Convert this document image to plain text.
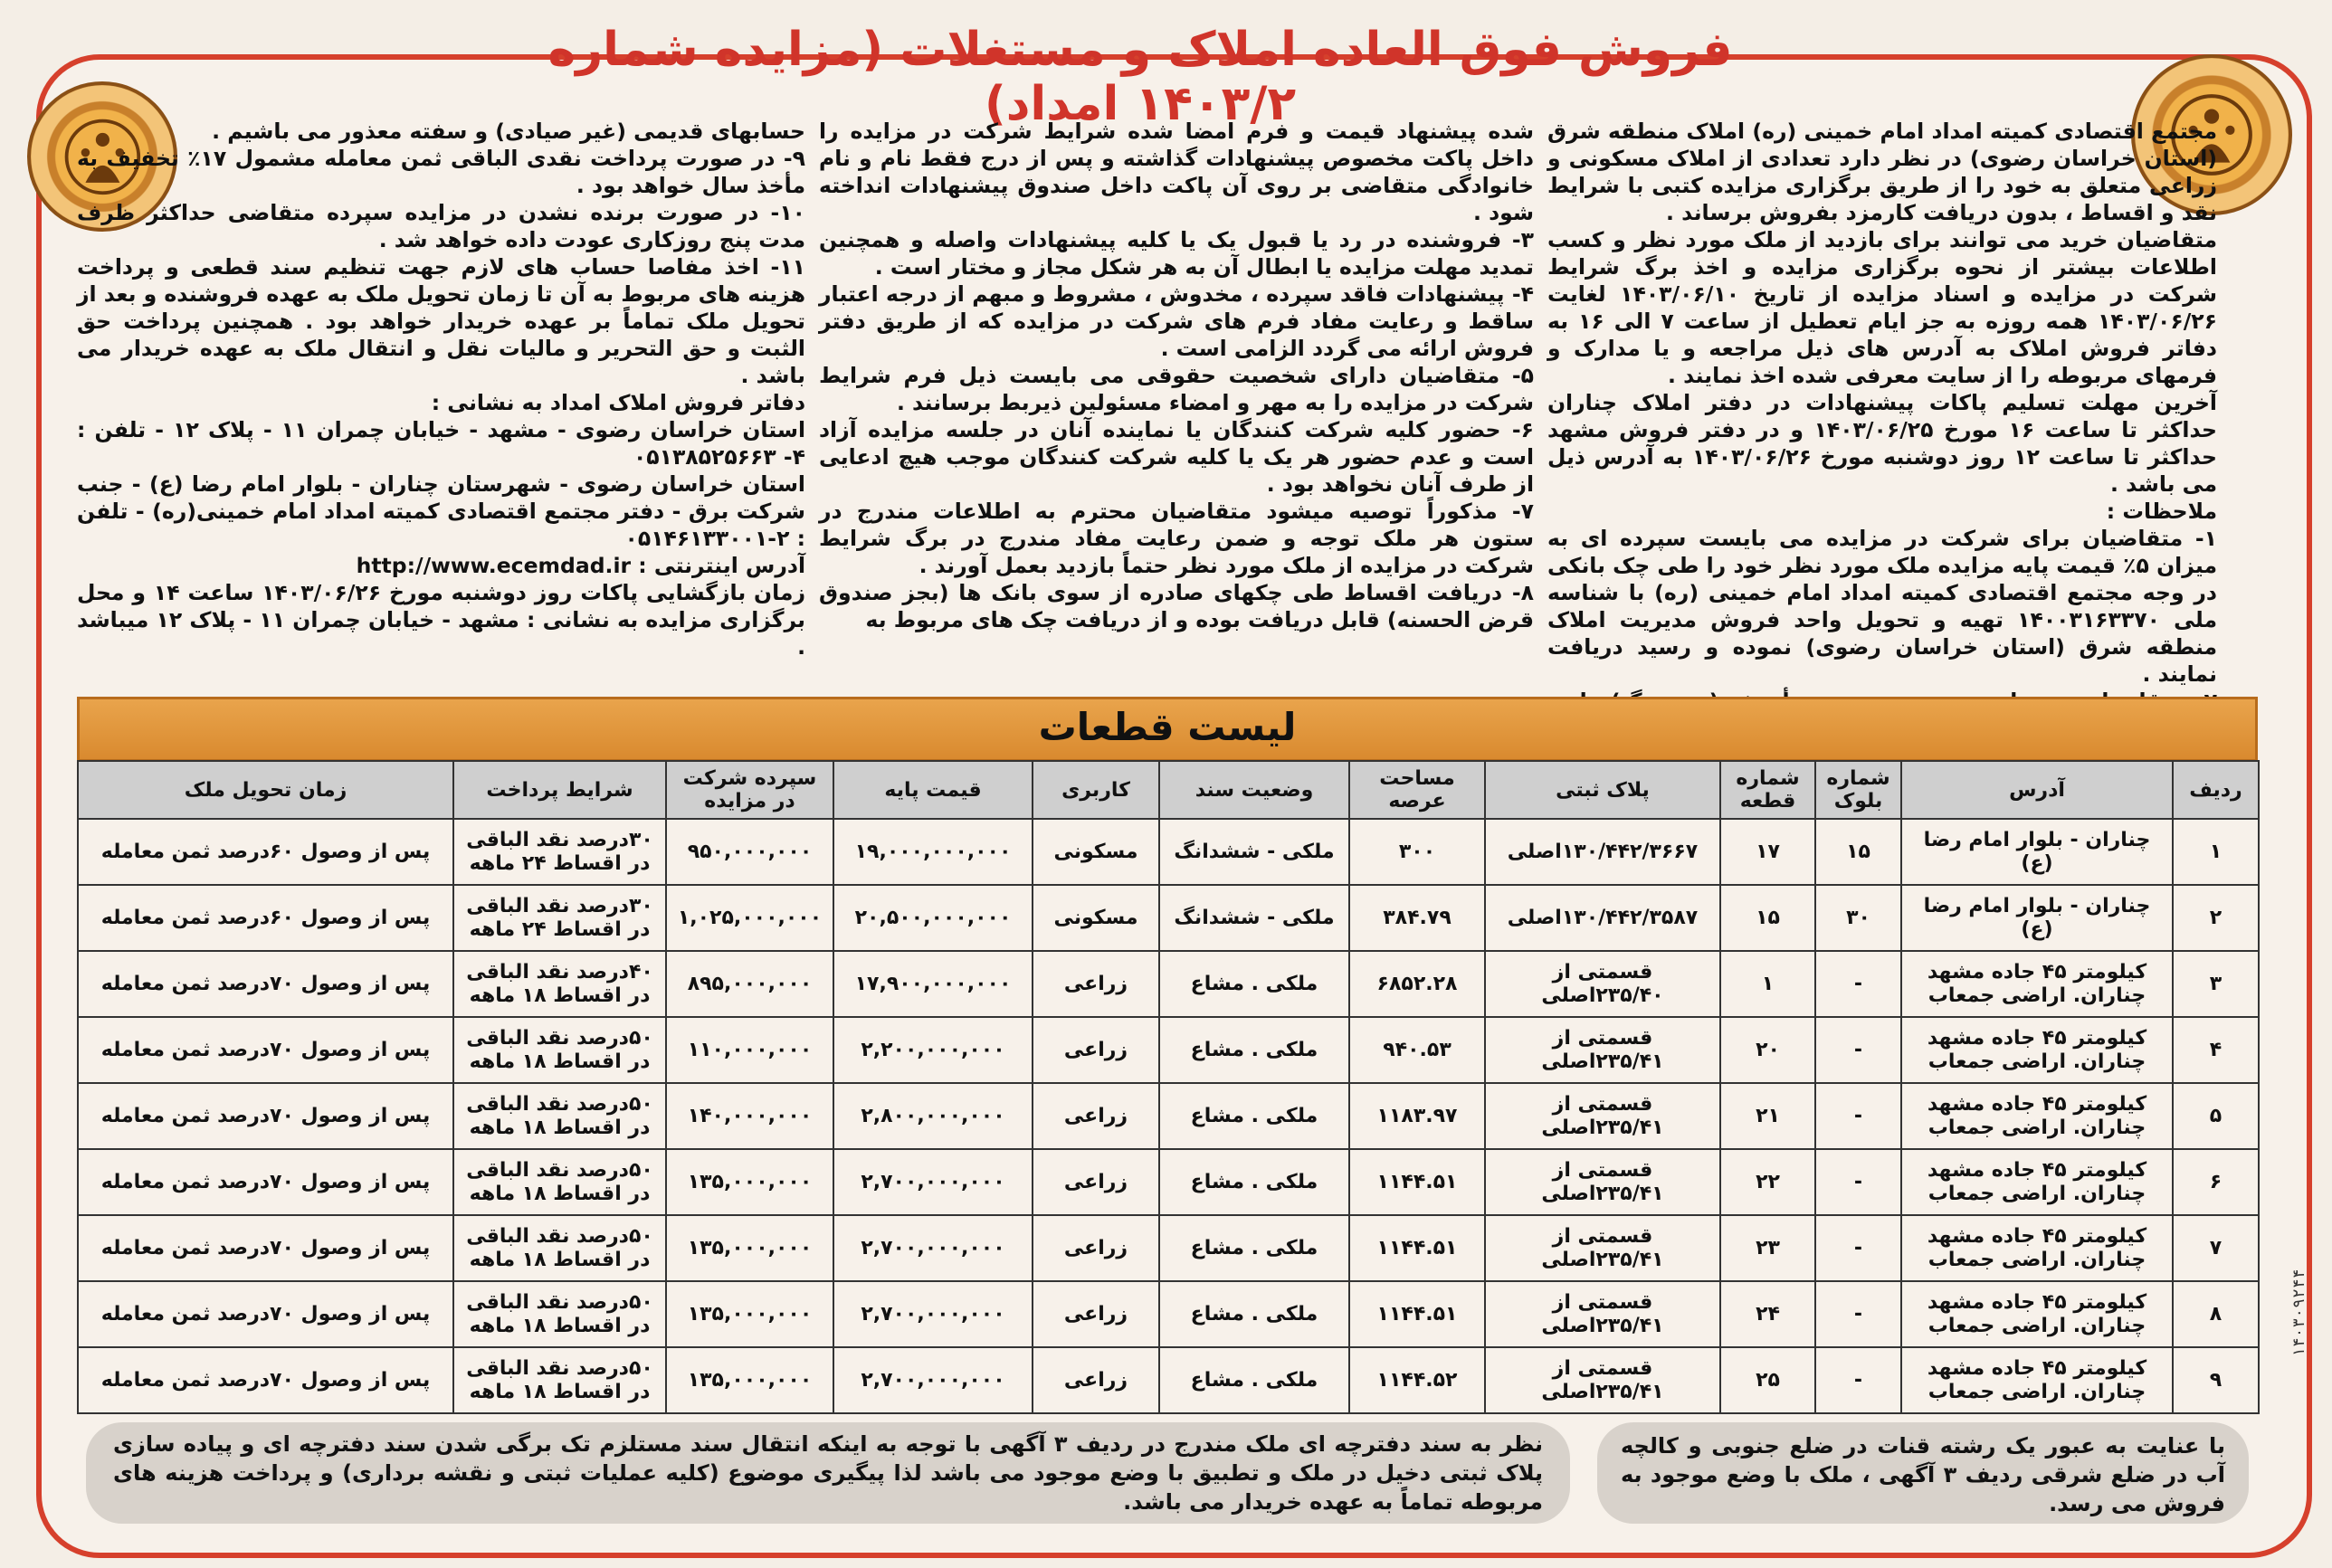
فروش فوق العاده املاک و مستغلات (مزایده شماره ۱۴۰۳/۲ امداد)	مجتمع اقتصادی کمیته امداد امام خمینی (ره) املاک منطقه شرق (استان خراسان رضوی) در نظر دارد تعدادی از املاک مسکونی و زراعی متعلق به خود را از طریق برگزاری مزایده کتبی با شرایط نقد و اقساط ، بدون دریافت کارمزد بفروش برساند .

متقاضیان خرید می توانند برای بازدید از ملک مورد نظر و کسب اطلاعات بیشتر از نحوه برگزاری مزایده و اخذ برگ شرایط شرکت در مزایده و اسناد مزایده از تاریخ ۱۴۰۳/۰۶/۱۰ لغایت ۱۴۰۳/۰۶/۲۶ همه روزه به جز ایام تعطیل از ساعت ۷ الی ۱۶ به دفاتر فروش املاک به آدرس های ذیل مراجعه و یا مدارک و فرمهای مربوطه را از سایت معرفی شده اخذ نمایند .

آخرین مهلت تسلیم پاکات پیشنهادات در دفتر املاک چناران حداکثر تا ساعت ۱۶ مورخ ۱۴۰۳/۰۶/۲۵ و در دفتر فروش مشهد حداکثر تا ساعت ۱۲ روز دوشنبه مورخ ۱۴۰۳/۰۶/۲۶ به آدرس ذیل می باشد .

ملاحظات :

۱- متقاضیان برای شرکت در مزایده می بایست سپرده ای به میزان ۵٪ قیمت پایه مزایده ملک مورد نظر خود را طی چک بانکی در وجه مجتمع اقتصادی کمیته امداد امام خمینی (ره) با شناسه ملی ۱۴۰۰۳۱۶۳۳۷۰ تهیه و تحویل واحد فروش مدیریت املاک منطقه شرق (استان خراسان رضوی) نموده و رسید دریافت نمایند .

شده پیشنهاد قیمت و فرم امضا شده شرایط شرکت در مزایده را داخل پاکت مخصوص پیشنهادات گذاشته و پس از درج فقط نام و نام خانوادگی متقاضی بر روی آن پاکت داخل صندوق پیشنهادات انداخته شود .

۳- فروشنده در رد یا قبول یک یا کلیه پیشنهادات واصله و همچنین تمدید مهلت مزایده یا ابطال آن به هر شکل مجاز و مختار است .

۴- پیشنهادات فاقد سپرده ، مخدوش ، مشروط و مبهم از درجه اعتبار ساقط و رعایت مفاد فرم های شرکت در مزایده که از طریق دفتر فروش ارائه می گردد الزامی است .

۵- متقاضیان دارای شخصیت حقوقی می بایست ذیل فرم شرایط شرکت در مزایده را به مهر و امضاء مسئولین ذیربط برسانند .

۶- حضور کلیه شرکت کنندگان یا نماینده آنان در جلسه مزایده آزاد است و عدم حضور هر یک یا کلیه شرکت کنندگان موجب هیچ ادعایی از طرف آنان نخواهد بود .

۷- مذکوراً توصیه میشود متقاضیان محترم به اطلاعات مندرج در ستون هر ملک توجه و ضمن رعایت مفاد مندرج در برگ شرایط شرکت در مزایده از ملک مورد نظر حتماً بازدید بعمل آورند .

۸- دریافت اقساط طی چکهای صادره از سوی بانک ها (بجز صندوق قرض الحسنه) قابل دریافت بوده و از دریافت چک های مربوط به

حسابهای قدیمی (غیر صیادی) و سفته معذور می باشیم .

۹- در صورت پرداخت نقدی الباقی ثمن معامله مشمول ۱۷٪ تخفیف به مأخذ سال خواهد بود .

۱۰- در صورت برنده نشدن در مزایده سپرده متقاضی حداکثر ظرف مدت پنج روزکاری عودت داده خواهد شد .

۱۱- اخذ مفاصا حساب های لازم جهت تنظیم سند قطعی و پرداخت هزینه های مربوط به آن تا زمان تحویل ملک به عهده فروشنده و بعد از تحویل ملک تماماً بر عهده خریدار خواهد بود . همچنین پرداخت حق الثبت و حق التحریر و مالیات نقل و انتقال ملک به عهده خریدار می باشد .

دفاتر فروش املاک امداد به نشانی :

استان خراسان رضوی - مشهد - خیابان چمران ۱۱ - پلاک ۱۲ - تلفن : ۴- ۰۵۱۳۸۵۲۵۶۶۳

استان خراسان رضوی - شهرستان چناران - بلوار امام رضا (ع) - جنب شرکت برق - دفتر مجتمع اقتصادی کمیته امداد امام خمینی(ره) - تلفن : ۲-۰۵۱۴۶۱۳۳۰۰۱

آدرس اینترنتی : http://www.ecemdad.ir

زمان بازگشایی پاکات روز دوشنبه مورخ ۱۴۰۳/۰۶/۲۶ ساعت ۱۴ و محل برگزاری مزایده به نشانی : مشهد - خیابان چمران ۱۱ - پلاک ۱۲ میباشد .

لیست قطعات
ردیف	آدرس	شماره بلوک	شماره قطعه	پلاک ثبتی	مساحت عرصه	وضعیت سند	کاربری	قیمت پایه	سپرده شرکت در مزایده	شرایط پرداخت	زمان تحویل ملک
۱	چناران - بلوار امام رضا (ع)	۱۵	۱۷	۱۳۰/۴۴۲/۳۶۶۷اصلی	۳۰۰	ملکی - ششدانگ	مسکونی	۱۹,۰۰۰,۰۰۰,۰۰۰	۹۵۰,۰۰۰,۰۰۰	۳۰درصد نقد الباقی در اقساط ۲۴ ماهه	پس از وصول ۶۰درصد ثمن معامله
۲	چناران - بلوار امام رضا (ع)	۳۰	۱۵	۱۳۰/۴۴۲/۳۵۸۷اصلی	۳۸۴.۷۹	ملکی - ششدانگ	مسکونی	۲۰,۵۰۰,۰۰۰,۰۰۰	۱,۰۲۵,۰۰۰,۰۰۰	۳۰درصد نقد الباقی در اقساط ۲۴ ماهه	پس از وصول ۶۰درصد ثمن معامله
۳	کیلومتر ۴۵ جاده مشهد چناران. اراضی جمعاب	-	۱	قسمتی از ۲۳۵/۴۰اصلی	۶۸۵۲.۲۸	ملکی . مشاع	زراعی	۱۷,۹۰۰,۰۰۰,۰۰۰	۸۹۵,۰۰۰,۰۰۰	۴۰درصد نقد الباقی در اقساط ۱۸ ماهه	پس از وصول ۷۰درصد ثمن معامله
۴	کیلومتر ۴۵ جاده مشهد چناران. اراضی جمعاب	-	۲۰	قسمتی از ۲۳۵/۴۱اصلی	۹۴۰.۵۳	ملکی . مشاع	زراعی	۲,۲۰۰,۰۰۰,۰۰۰	۱۱۰,۰۰۰,۰۰۰	۵۰درصد نقد الباقی در اقساط ۱۸ ماهه	پس از وصول ۷۰درصد ثمن معامله
۵	کیلومتر ۴۵ جاده مشهد چناران. اراضی جمعاب	-	۲۱	قسمتی از ۲۳۵/۴۱اصلی	۱۱۸۳.۹۷	ملکی . مشاع	زراعی	۲,۸۰۰,۰۰۰,۰۰۰	۱۴۰,۰۰۰,۰۰۰	۵۰درصد نقد الباقی در اقساط ۱۸ ماهه	پس از وصول ۷۰درصد ثمن معامله
۶	کیلومتر ۴۵ جاده مشهد چناران. اراضی جمعاب	-	۲۲	قسمتی از ۲۳۵/۴۱اصلی	۱۱۴۴.۵۱	ملکی . مشاع	زراعی	۲,۷۰۰,۰۰۰,۰۰۰	۱۳۵,۰۰۰,۰۰۰	۵۰درصد نقد الباقی در اقساط ۱۸ ماهه	پس از وصول ۷۰درصد ثمن معامله
۷	کیلومتر ۴۵ جاده مشهد چناران. اراضی جمعاب	-	۲۳	قسمتی از ۲۳۵/۴۱اصلی	۱۱۴۴.۵۱	ملکی . مشاع	زراعی	۲,۷۰۰,۰۰۰,۰۰۰	۱۳۵,۰۰۰,۰۰۰	۵۰درصد نقد الباقی در اقساط ۱۸ ماهه	پس از وصول ۷۰درصد ثمن معامله
۸	کیلومتر ۴۵ جاده مشهد چناران. اراضی جمعاب	-	۲۴	قسمتی از ۲۳۵/۴۱اصلی	۱۱۴۴.۵۱	ملکی . مشاع	زراعی	۲,۷۰۰,۰۰۰,۰۰۰	۱۳۵,۰۰۰,۰۰۰	۵۰درصد نقد الباقی در اقساط ۱۸ ماهه	پس از وصول ۷۰درصد ثمن معامله
۹	کیلومتر ۴۵ جاده مشهد چناران. اراضی جمعاب	-	۲۵	قسمتی از ۲۳۵/۴۱اصلی	۱۱۴۴.۵۲	ملکی . مشاع	زراعی	۲,۷۰۰,۰۰۰,۰۰۰	۱۳۵,۰۰۰,۰۰۰	۵۰درصد نقد الباقی در اقساط ۱۸ ماهه	پس از وصول ۷۰درصد ثمن معامله
با عنایت به عبور یک رشته قنات در ضلع جنوبی و کالچه آب در ضلع شرقی ردیف ۳ آگهی ، ملک با وضع موجود به فروش می رسد.
نظر به سند دفترچه ای ملک مندرج در ردیف ۳ آگهی با توجه به اینکه انتقال سند مستلزم تک برگی شدن سند دفترچه ای و پیاده سازی پلاک ثبتی دخیل در ملک و تطبیق با وضع موجود می باشد لذا پیگیری موضوع (کلیه عملیات ثبتی و نقشه برداری) و پرداخت هزینه های مربوطه تماماً به عهده خریدار می باشد.
۱۴۰۳۰۹۲۴۴
